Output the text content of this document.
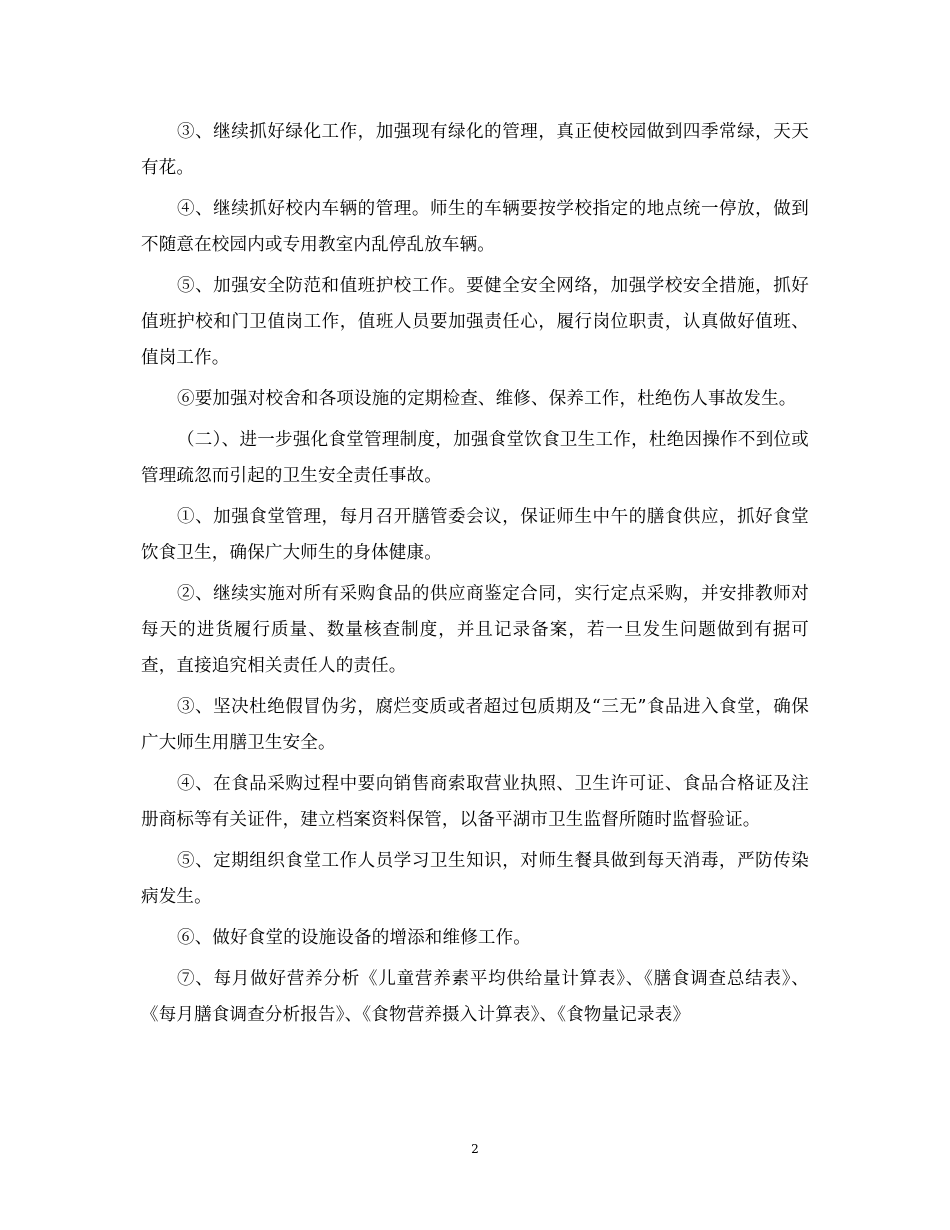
③、继续抓好绿化工作，加强现有绿化的管理，真正使校园做到四季常绿，天天有花。

④、继续抓好校内车辆的管理。师生的车辆要按学校指定的地点统一停放，做到不随意在校园内或专用教室内乱停乱放车辆。

⑤、加强安全防范和值班护校工作。要健全安全网络，加强学校安全措施，抓好值班护校和门卫值岗工作，值班人员要加强责任心，履行岗位职责，认真做好值班、值岗工作。

⑥要加强对校舍和各项设施的定期检查、维修、保养工作，杜绝伤人事故发生。

（二）、进一步强化食堂管理制度，加强食堂饮食卫生工作，杜绝因操作不到位或管理疏忽而引起的卫生安全责任事故。

①、加强食堂管理，每月召开膳管委会议，保证师生中午的膳食供应，抓好食堂饮食卫生，确保广大师生的身体健康。

②、继续实施对所有采购食品的供应商鉴定合同，实行定点采购，并安排教师对每天的进货履行质量、数量核查制度，并且记录备案，若一旦发生问题做到有据可查，直接追究相关责任人的责任。

③、坚决杜绝假冒伪劣，腐烂变质或者超过包质期及“三无”食品进入食堂，确保广大师生用膳卫生安全。

④、在食品采购过程中要向销售商索取营业执照、卫生许可证、食品合格证及注册商标等有关证件，建立档案资料保管，以备平湖市卫生监督所随时监督验证。

⑤、定期组织食堂工作人员学习卫生知识，对师生餐具做到每天消毒，严防传染病发生。

⑥、做好食堂的设施设备的增添和维修工作。

⑦、每月做好营养分析《儿童营养素平均供给量计算表》、《膳食调查总结表》、《每月膳食调查分析报告》、《食物营养摄入计算表》、《食物量记录表》

2
